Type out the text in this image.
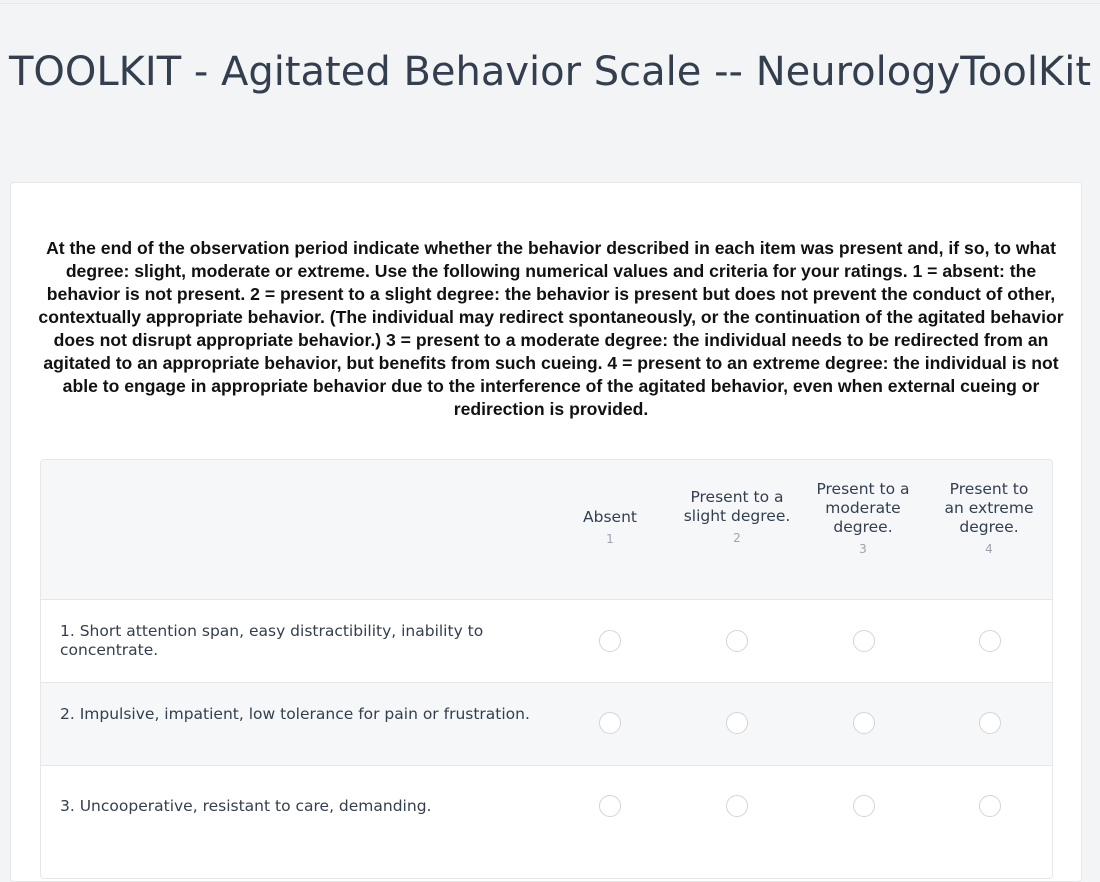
TOOLKIT - Agitated Behavior Scale -- NeurologyToolKit

At the end of the observation period indicate whether the behavior described in each item was present and, if so, to what degree: slight, moderate or extreme. Use the following numerical values and criteria for your ratings. 1 = absent: the behavior is not present. 2 = present to a slight degree: the behavior is present but does not prevent the conduct of other, contextually appropriate behavior. (The individual may redirect spontaneously, or the continuation of the agitated behavior does not disrupt appropriate behavior.) 3 = present to a moderate degree: the individual needs to be redirected from an agitated to an appropriate behavior, but benefits from such cueing. 4 = present to an extreme degree: the individual is not able to engage in appropriate behavior due to the interference of the agitated behavior, even when external cueing or redirection is provided.

Absent
1
Present to a slight degree.
2
Present to a moderate degree.
3
Present to an extreme degree.
4
1. Short attention span, easy distractibility, inability to concentrate.
2. Impulsive, impatient, low tolerance for pain or frustration.
3. Uncooperative, resistant to care, demanding.
